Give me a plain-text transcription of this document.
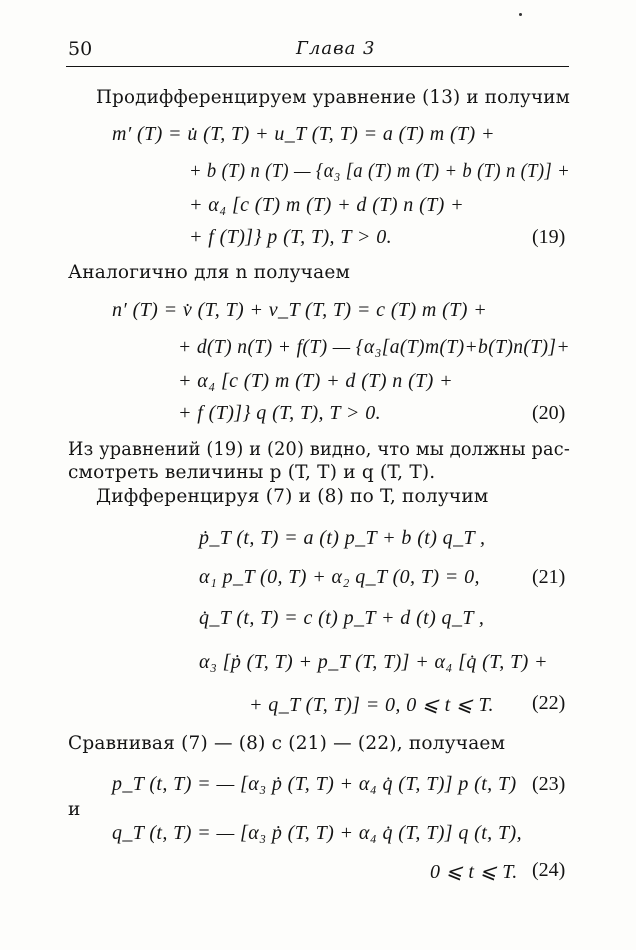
50	Глава 3
Продифференцируем уравнение (13) и получим
m′ (T) = u̇ (T, T) + u_T (T, T) = a (T) m (T) +
+ b (T) n (T) — {α₃ [a (T) m (T) + b (T) n (T)] +
+ α₄ [c (T) m (T) + d (T) n (T) +
+ f (T)]} p (T, T), T > 0.	(19)
Аналогично для n получаем
n′ (T) = v̇ (T, T) + v_T (T, T) = c (T) m (T) +
+ d(T) n(T) + f(T) — {α₃[a(T)m(T)+b(T)n(T)]+
+ α₄ [c (T) m (T) + d (T) n (T) +
+ f (T)]} q (T, T), T > 0.	(20)
Из уравнений (19) и (20) видно, что мы должны рас-
смотреть величины p (T, T) и q (T, T).
Дифференцируя (7) и (8) по T, получим
ṗ_T (t, T) = a (t) p_T + b (t) q_T ,
α₁ p_T (0, T) + α₂ q_T (0, T) = 0,	(21)
q̇_T (t, T) = c (t) p_T + d (t) q_T ,
α₃ [ṗ (T, T) + p_T (T, T)] + α₄ [q̇ (T, T) +
+ q_T (T, T)] = 0, 0 ⩽ t ⩽ T. (22)
Сравнивая (7) — (8) с (21) — (22), получаем
p_T (t, T) = — [α₃ ṗ (T, T) + α₄ q̇ (T, T)] p (t, T) (23)
и
q_T (t, T) = — [α₃ ṗ (T, T) + α₄ q̇ (T, T)] q (t, T),
0 ⩽ t ⩽ T. (24)
